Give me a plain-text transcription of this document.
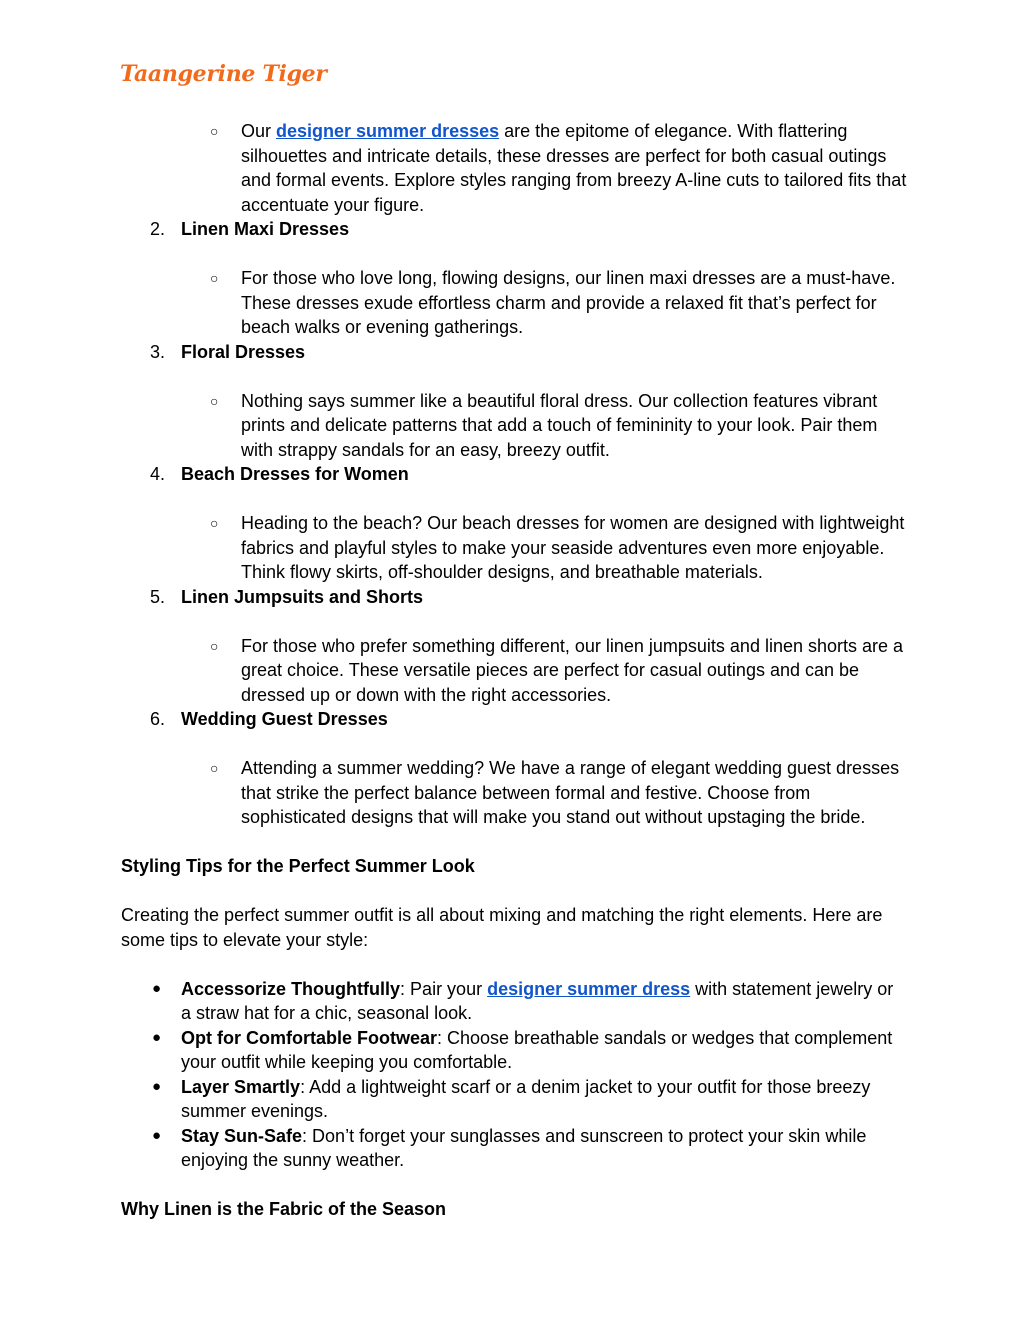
Taangerine Tiger
○ Our designer summer dresses are the epitome of elegance. With flattering silhouettes and intricate details, these dresses are perfect for both casual outings and formal events. Explore styles ranging from breezy A-line cuts to tailored fits that accentuate your figure.
2. Linen Maxi Dresses
○ For those who love long, flowing designs, our linen maxi dresses are a must-have. These dresses exude effortless charm and provide a relaxed fit that’s perfect for beach walks or evening gatherings.
3. Floral Dresses
○ Nothing says summer like a beautiful floral dress. Our collection features vibrant prints and delicate patterns that add a touch of femininity to your look. Pair them with strappy sandals for an easy, breezy outfit.
4. Beach Dresses for Women
○ Heading to the beach? Our beach dresses for women are designed with lightweight fabrics and playful styles to make your seaside adventures even more enjoyable. Think flowy skirts, off-shoulder designs, and breathable materials.
5. Linen Jumpsuits and Shorts
○ For those who prefer something different, our linen jumpsuits and linen shorts are a great choice. These versatile pieces are perfect for casual outings and can be dressed up or down with the right accessories.
6. Wedding Guest Dresses
○ Attending a summer wedding? We have a range of elegant wedding guest dresses that strike the perfect balance between formal and festive. Choose from sophisticated designs that will make you stand out without upstaging the bride.
Styling Tips for the Perfect Summer Look
Creating the perfect summer outfit is all about mixing and matching the right elements. Here are some tips to elevate your style:
● Accessorize Thoughtfully: Pair your designer summer dress with statement jewelry or a straw hat for a chic, seasonal look.
● Opt for Comfortable Footwear: Choose breathable sandals or wedges that complement your outfit while keeping you comfortable.
● Layer Smartly: Add a lightweight scarf or a denim jacket to your outfit for those breezy summer evenings.
● Stay Sun-Safe: Don’t forget your sunglasses and sunscreen to protect your skin while enjoying the sunny weather.
Why Linen is the Fabric of the Season
